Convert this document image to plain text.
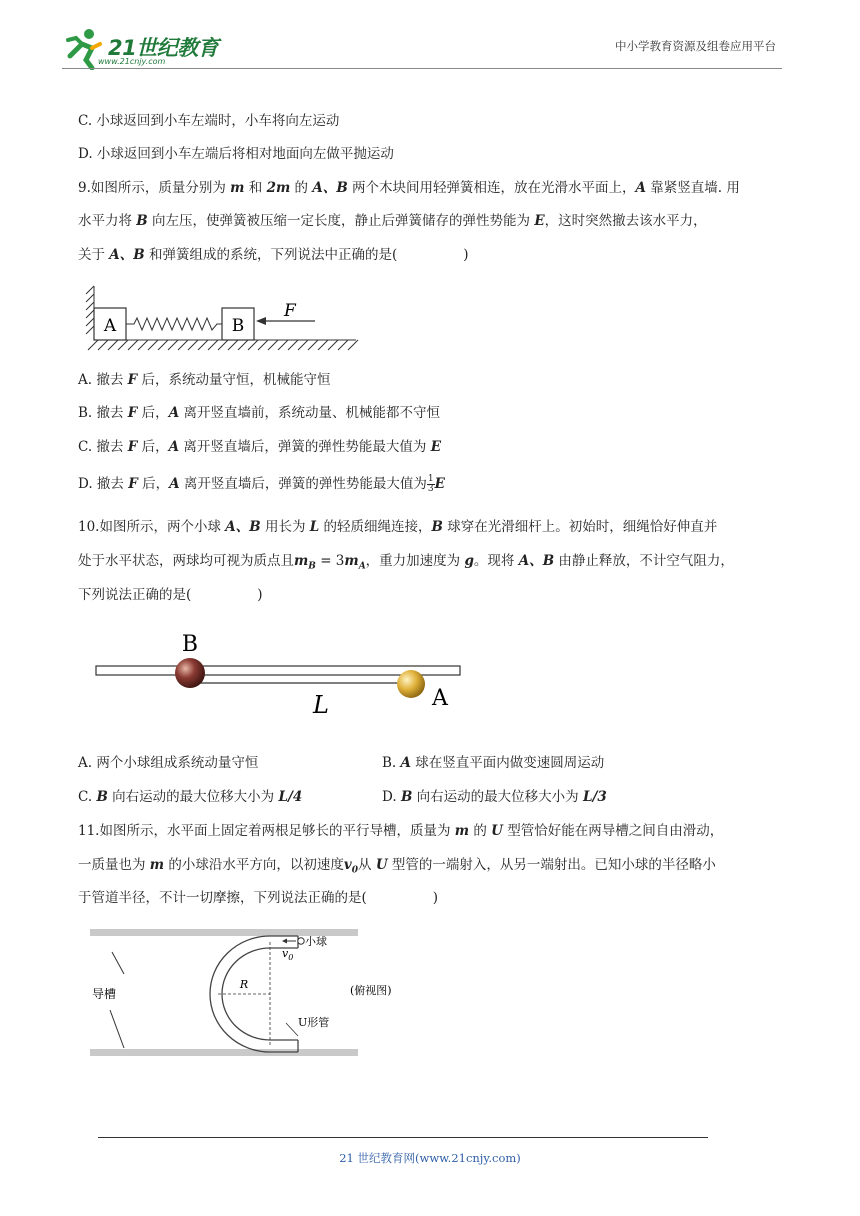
21世纪教育
www.21cnjy.com
中小学教育资源及组卷应用平台
C. 小球返回到小车左端时，小车将向左运动
D. 小球返回到小车左端后将相对地面向左做平抛运动
9.如图所示，质量分别为 m 和 2m 的 A、B 两个木块间用轻弹簧相连，放在光滑水平面上，A 靠紧竖直墙. 用
水平力将 B 向左压，使弹簧被压缩一定长度，静止后弹簧储存的弹性势能为 E，这时突然撤去该水平力，
关于 A、B 和弹簧组成的系统，下列说法中正确的是(	)
A	B
F
A. 撤去 F 后，系统动量守恒，机械能守恒
B. 撤去 F 后，A 离开竖直墙前，系统动量、机械能都不守恒
C. 撤去 F 后，A 离开竖直墙后，弹簧的弹性势能最大值为 E
D. 撤去 F 后，A 离开竖直墙后，弹簧的弹性势能最大值为 $\frac{1}{3}$ E
10.如图所示，两个小球 A、B 用长为 L 的轻质细绳连接，B 球穿在光滑细杆上。初始时，细绳恰好伸直并
处于水平状态，两球均可视为质点且$m_B = 3m_A$，重力加速度为 g。现将 A、B 由静止释放，不计空气阻力，
下列说法正确的是(	)
B
A
L
A. 两个小球组成系统动量守恒	B. A 球在竖直平面内做变速圆周运动
C. B 向右运动的最大位移大小为 L/4	D. B 向右运动的最大位移大小为 L/3
11.如图所示，水平面上固定着两根足够长的平行导槽，质量为 m 的 U 型管恰好能在两导槽之间自由滑动，
一质量也为 m 的小球沿水平方向，以初速度$v_0$从 U 型管的一端射入，从另一端射出。已知小球的半径略小
于管道半径，不计一切摩擦，下列说法正确的是(	)
导槽
R
小球
$v_0$
U形管
(俯视图)
21 世纪教育网(www.21cnjy.com)
